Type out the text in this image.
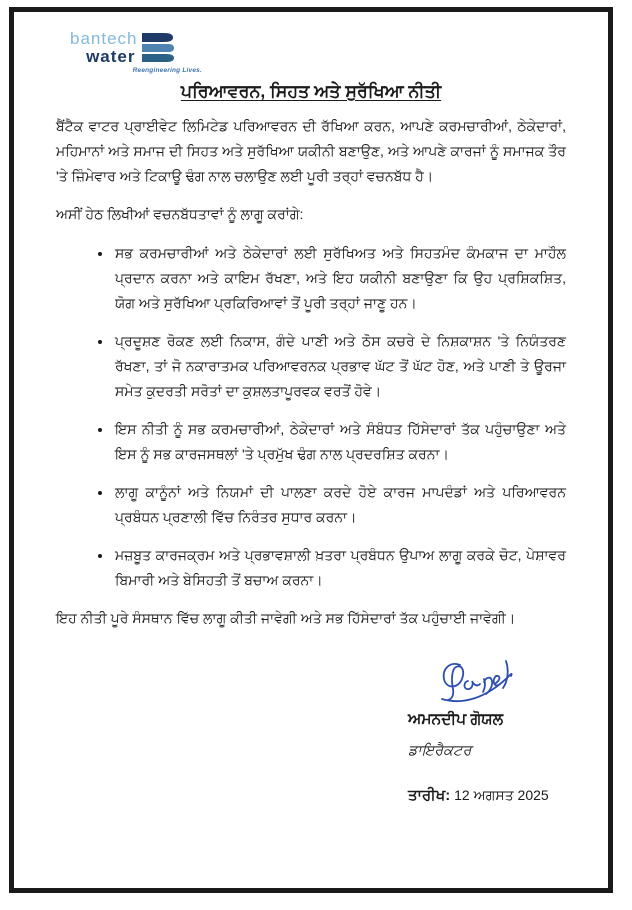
bantech
water
Reengineering Lives.
ਪਰਿਆਵਰਨ, ਸਿਹਤ ਅਤੇ ਸੁਰੱਖਿਆ ਨੀਤੀ

ਬੈਂਟੈਕ ਵਾਟਰ ਪ੍ਰਾਈਵੇਟ ਲਿਮਿਟੇਡ ਪਰਿਆਵਰਨ ਦੀ ਰੱਖਿਆ ਕਰਨ, ਆਪਣੇ ਕਰਮਚਾਰੀਆਂ, ਠੇਕੇਦਾਰਾਂ, ਮਹਿਮਾਨਾਂ ਅਤੇ ਸਮਾਜ ਦੀ ਸਿਹਤ ਅਤੇ ਸੁਰੱਖਿਆ ਯਕੀਨੀ ਬਣਾਉਣ, ਅਤੇ ਆਪਣੇ ਕਾਰਜਾਂ ਨੂੰ ਸਮਾਜਕ ਤੌਰ 'ਤੇ ਜ਼ਿੰਮੇਵਾਰ ਅਤੇ ਟਿਕਾਊ ਢੰਗ ਨਾਲ ਚਲਾਉਣ ਲਈ ਪੂਰੀ ਤਰ੍ਹਾਂ ਵਚਨਬੱਧ ਹੈ।

ਅਸੀਂ ਹੇਠ ਲਿਖੀਆਂ ਵਚਨਬੱਧਤਾਵਾਂ ਨੂੰ ਲਾਗੂ ਕਰਾਂਗੇ:

ਸਭ ਕਰਮਚਾਰੀਆਂ ਅਤੇ ਠੇਕੇਦਾਰਾਂ ਲਈ ਸੁਰੱਖਿਅਤ ਅਤੇ ਸਿਹਤਮੰਦ ਕੰਮਕਾਜ ਦਾ ਮਾਹੌਲ ਪ੍ਰਦਾਨ ਕਰਨਾ ਅਤੇ ਕਾਇਮ ਰੱਖਣਾ, ਅਤੇ ਇਹ ਯਕੀਨੀ ਬਣਾਉਣਾ ਕਿ ਉਹ ਪ੍ਰਸ਼ਿਕਸ਼ਿਤ, ਯੋਗ ਅਤੇ ਸੁਰੱਖਿਆ ਪ੍ਰਕਿਰਿਆਵਾਂ ਤੋਂ ਪੂਰੀ ਤਰ੍ਹਾਂ ਜਾਣੂ ਹਨ।
ਪ੍ਰਦੂਸ਼ਣ ਰੋਕਣ ਲਈ ਨਿਕਾਸ, ਗੰਦੇ ਪਾਣੀ ਅਤੇ ਠੋਸ ਕਚਰੇ ਦੇ ਨਿਸ਼ਕਾਸ਼ਨ 'ਤੇ ਨਿਯੰਤਰਣ ਰੱਖਣਾ, ਤਾਂ ਜੋ ਨਕਾਰਾਤਮਕ ਪਰਿਆਵਰਨਕ ਪ੍ਰਭਾਵ ਘੱਟ ਤੋਂ ਘੱਟ ਹੋਣ, ਅਤੇ ਪਾਣੀ ਤੇ ਊਰਜਾ ਸਮੇਤ ਕੁਦਰਤੀ ਸਰੋਤਾਂ ਦਾ ਕੁਸ਼ਲਤਾਪੂਰਵਕ ਵਰਤੋਂ ਹੋਵੇ।
ਇਸ ਨੀਤੀ ਨੂੰ ਸਭ ਕਰਮਚਾਰੀਆਂ, ਠੇਕੇਦਾਰਾਂ ਅਤੇ ਸੰਬੰਧਤ ਹਿੱਸੇਦਾਰਾਂ ਤੱਕ ਪਹੁੰਚਾਉਣਾ ਅਤੇ ਇਸ ਨੂੰ ਸਭ ਕਾਰਜਸਥਲਾਂ 'ਤੇ ਪ੍ਰਮੁੱਖ ਢੰਗ ਨਾਲ ਪ੍ਰਦਰਸ਼ਿਤ ਕਰਨਾ।
ਲਾਗੂ ਕਾਨੂੰਨਾਂ ਅਤੇ ਨਿਯਮਾਂ ਦੀ ਪਾਲਣਾ ਕਰਦੇ ਹੋਏ ਕਾਰਜ ਮਾਪਦੰਡਾਂ ਅਤੇ ਪਰਿਆਵਰਨ ਪ੍ਰਬੰਧਨ ਪ੍ਰਣਾਲੀ ਵਿੱਚ ਨਿਰੰਤਰ ਸੁਧਾਰ ਕਰਨਾ।
ਮਜ਼ਬੂਤ ਕਾਰਜਕ੍ਰਮ ਅਤੇ ਪ੍ਰਭਾਵਸ਼ਾਲੀ ਖ਼ਤਰਾ ਪ੍ਰਬੰਧਨ ਉਪਾਅ ਲਾਗੂ ਕਰਕੇ ਚੋਟ, ਪੇਸ਼ਾਵਰ ਬਿਮਾਰੀ ਅਤੇ ਬੇਸਿਹਤੀ ਤੋਂ ਬਚਾਅ ਕਰਨਾ।

ਇਹ ਨੀਤੀ ਪੂਰੇ ਸੰਸਥਾਨ ਵਿੱਚ ਲਾਗੂ ਕੀਤੀ ਜਾਵੇਗੀ ਅਤੇ ਸਭ ਹਿੱਸੇਦਾਰਾਂ ਤੱਕ ਪਹੁੰਚਾਈ ਜਾਵੇਗੀ।

ਅਮਨਦੀਪ ਗੋਯਲ
ਡਾਇਰੈਕਟਰ
ਤਾਰੀਖ: 12 ਅਗਸਤ 2025
